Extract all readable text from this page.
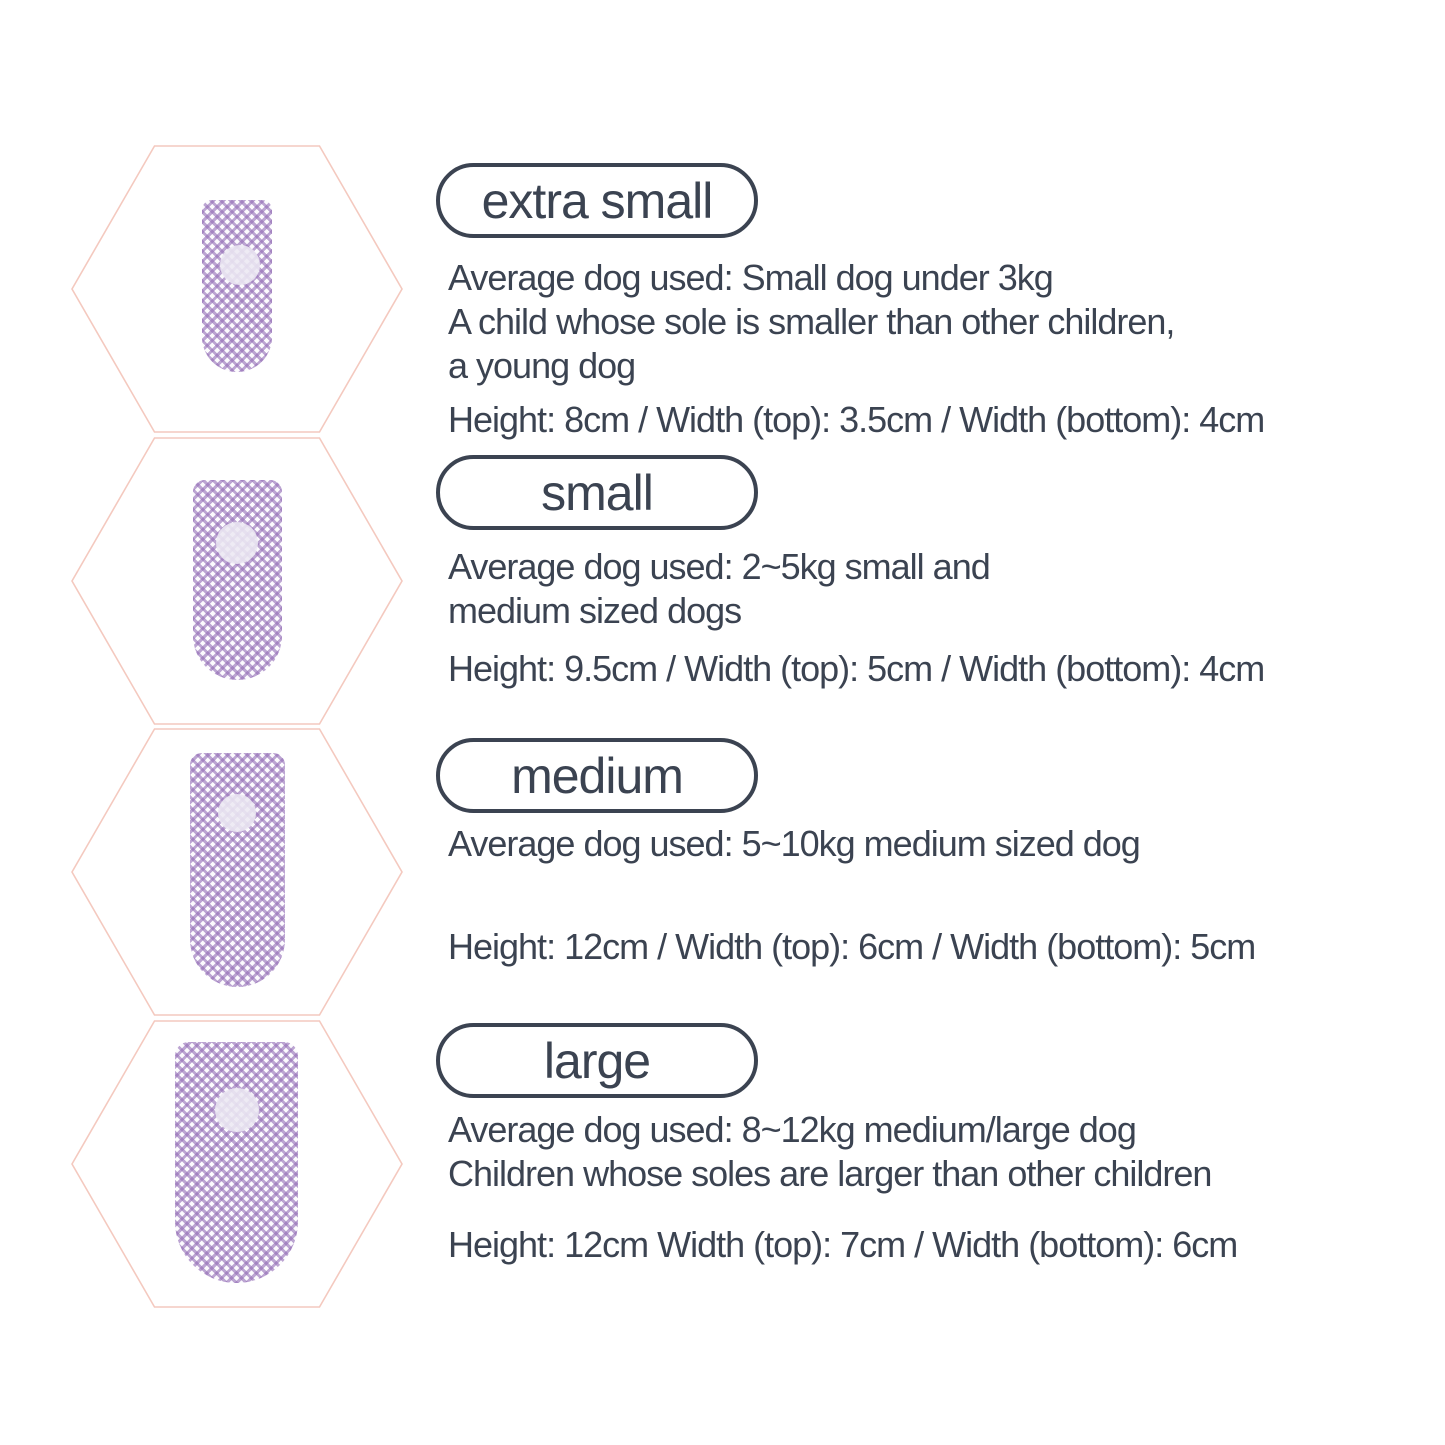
extra small
Average dog used: Small dog under 3kg
A child whose sole is smaller than other children,
a young dog
Height: 8cm / Width (top): 3.5cm / Width (bottom): 4cm
small
Average dog used: 2~5kg small and
medium sized dogs
Height: 9.5cm / Width (top): 5cm / Width (bottom): 4cm
medium
Average dog used: 5~10kg medium sized dog
Height: 12cm / Width (top): 6cm / Width (bottom): 5cm
large
Average dog used: 8~12kg medium/large dog
Children whose soles are larger than other children
Height: 12cm Width (top): 7cm / Width (bottom): 6cm
